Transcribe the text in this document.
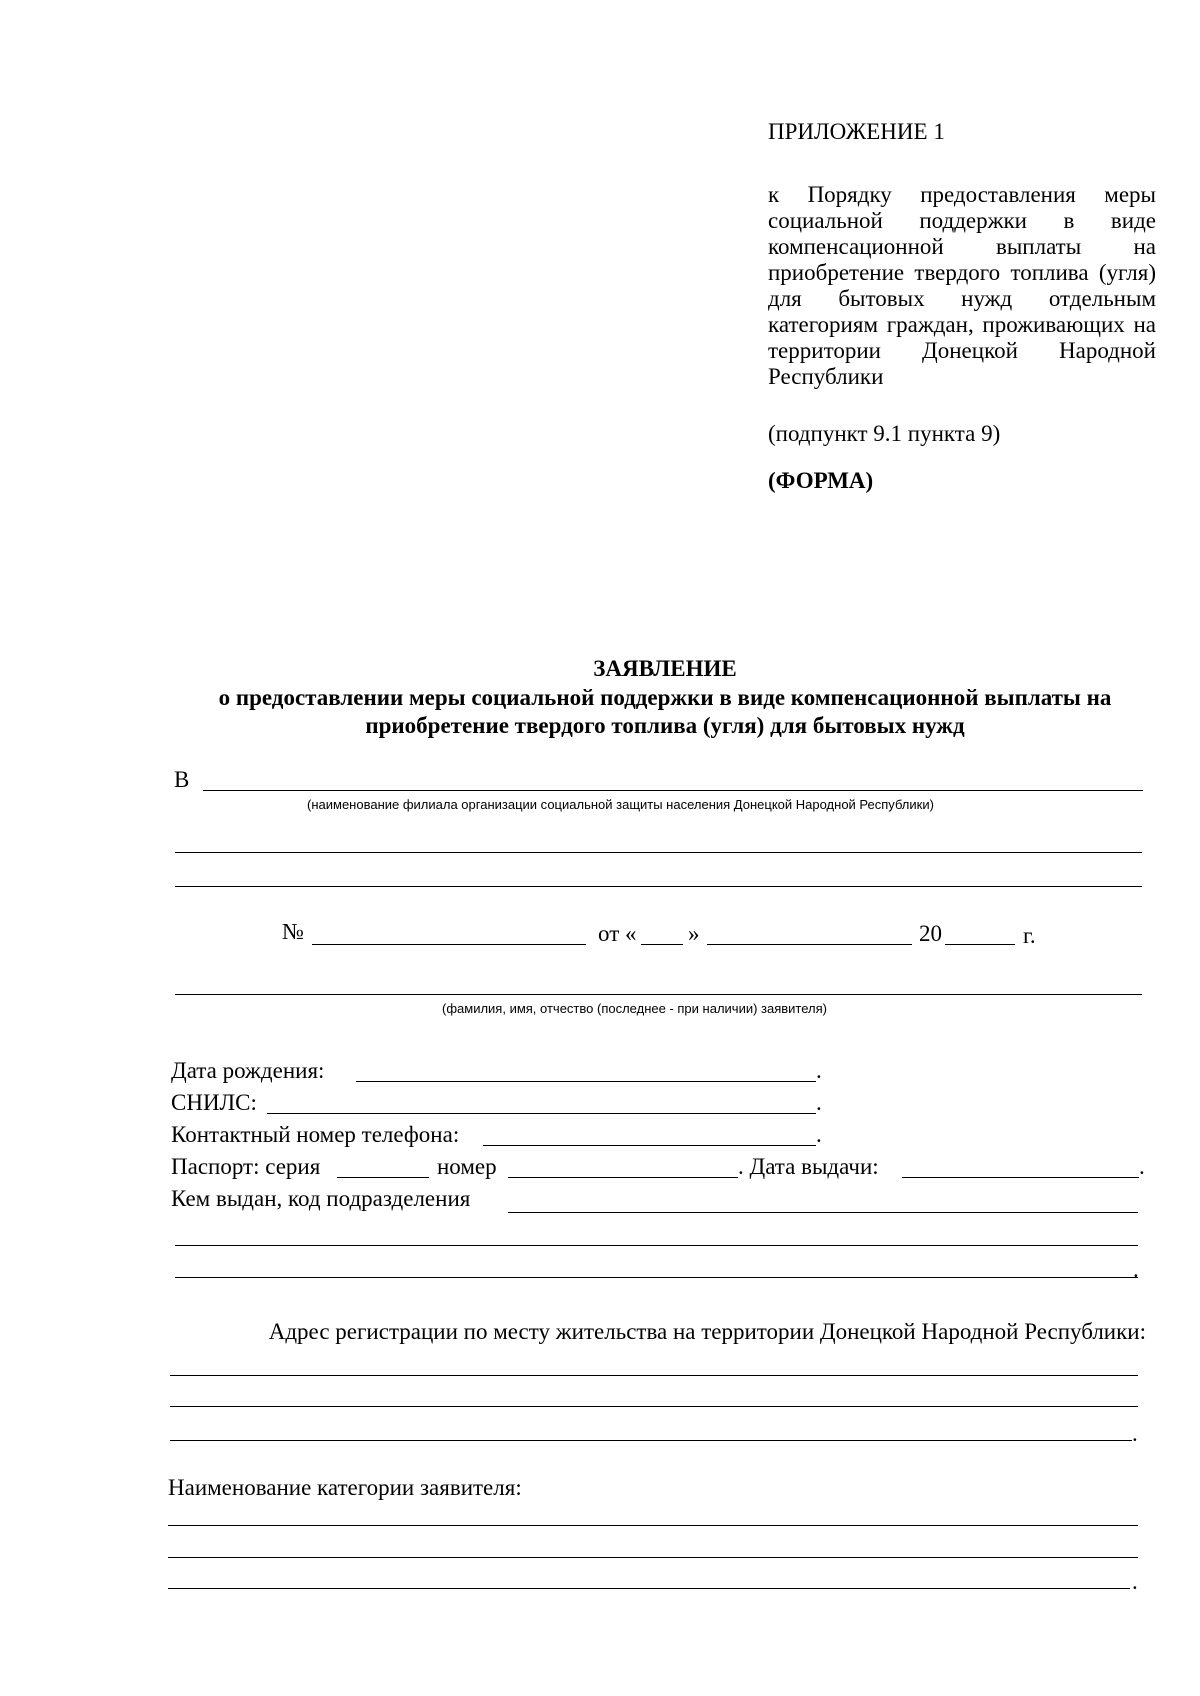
ПРИЛОЖЕНИЕ 1
к Порядку предоставления меры социальной поддержки в виде компенсационной выплаты на приобретение твердого топлива (угля) для бытовых нужд отдельным категориям граждан, проживающих на территории Донецкой Народной Республики
(подпункт 9.1 пункта 9)
(ФОРМА)
ЗАЯВЛЕНИЕ
о предоставлении меры социальной поддержки в виде компенсационной выплаты на приобретение твердого топлива (угля) для бытовых нужд
В
(наименование филиала организации социальной защиты населения Донецкой Народной Республики)
№	от « »	20	г.
(фамилия, имя, отчество (последнее - при наличии) заявителя)
Дата рождения:	.
СНИЛС:	.
Контактный номер телефона:	.
Паспорт: серия	номер	. Дата выдачи:	.
Кем выдан, код подразделения
.
Адрес регистрации по месту жительства на территории Донецкой Народной Республики:
.
Наименование категории заявителя:
.
